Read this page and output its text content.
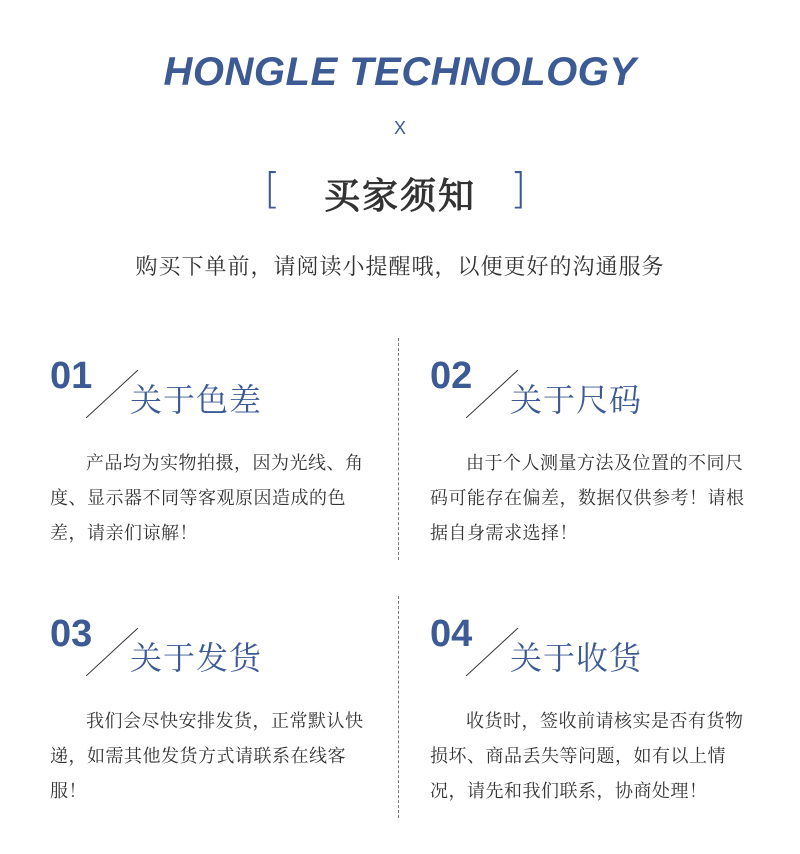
HONGLE TECHNOLOGY
X
[	买家须知 ]
购买下单前，请阅读小提醒哦，以便更好的沟通服务
01
关于色差
产品均为实物拍摄，因为光线、角度、显示器不同等客观原因造成的色差，请亲们谅解！
02
关于尺码
由于个人测量方法及位置的不同尺码可能存在偏差，数据仅供参考！请根据自身需求选择！
03
关于发货
我们会尽快安排发货，正常默认快递，如需其他发货方式请联系在线客服！
04
关于收货
收货时，签收前请核实是否有货物损坏、商品丢失等问题，如有以上情况，请先和我们联系，协商处理！
